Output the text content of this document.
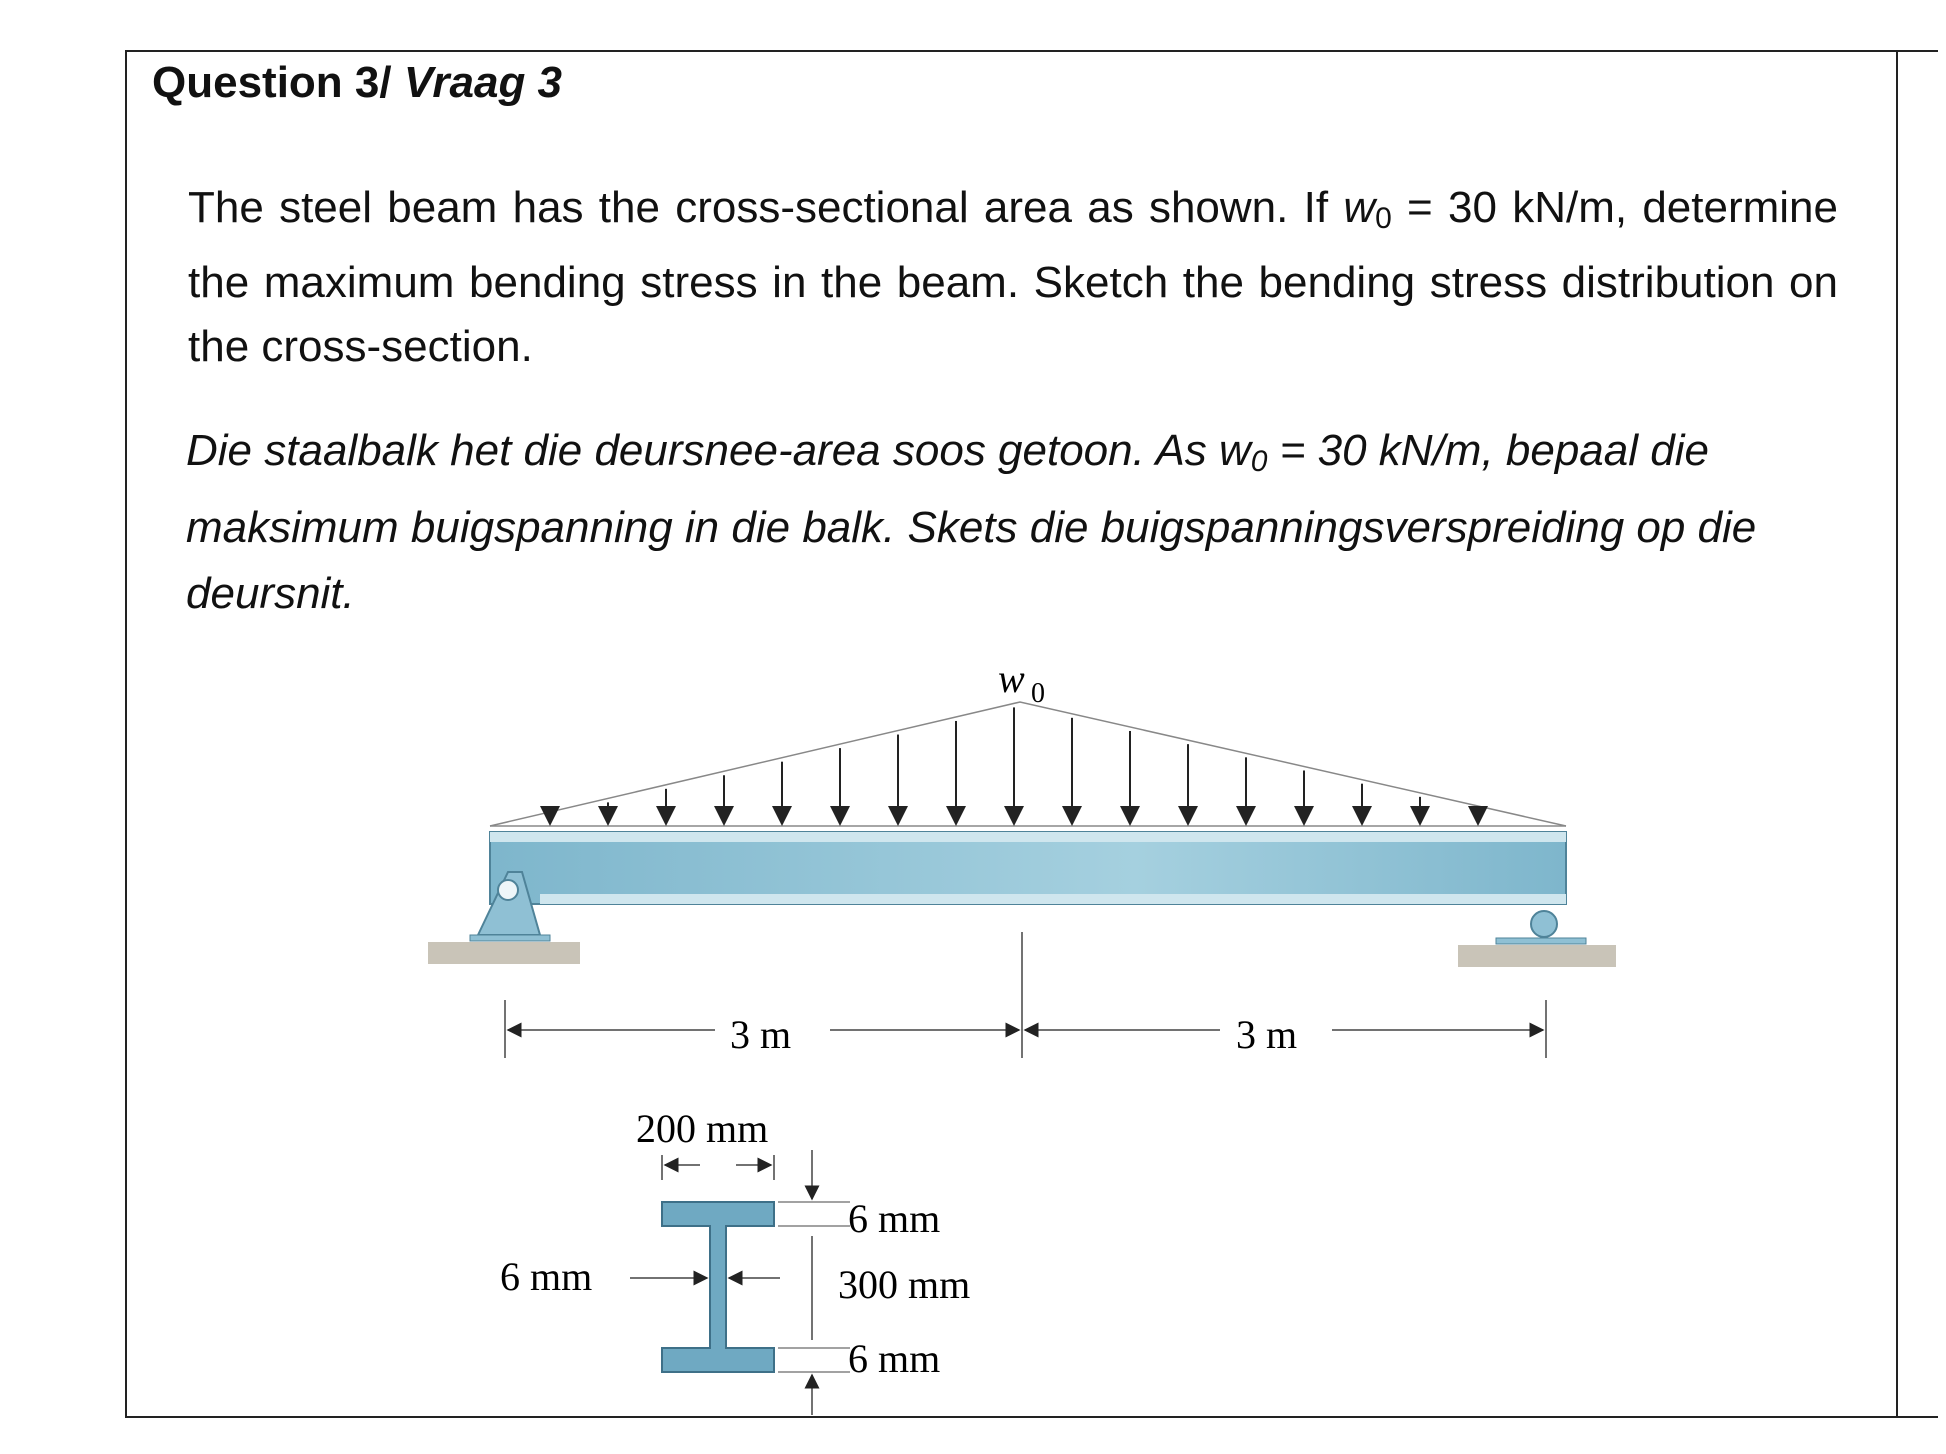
Question 3/ Vraag 3
The steel beam has the cross-sectional area as shown. If $w_0 = 30$ kN/m, determine the maximum bending stress in the beam. Sketch the bending stress distribution on the cross-section.
Die staalbalk het die deursnee-area soos getoon. As $w_0 = 30$ kN/m, bepaal die maksimum buigspanning in die balk. Skets die buigspanningsverspreiding op die deursnit.
w 0
3 m	3 m
200 mm
6 mm
300 mm
6 mm
6 mm
